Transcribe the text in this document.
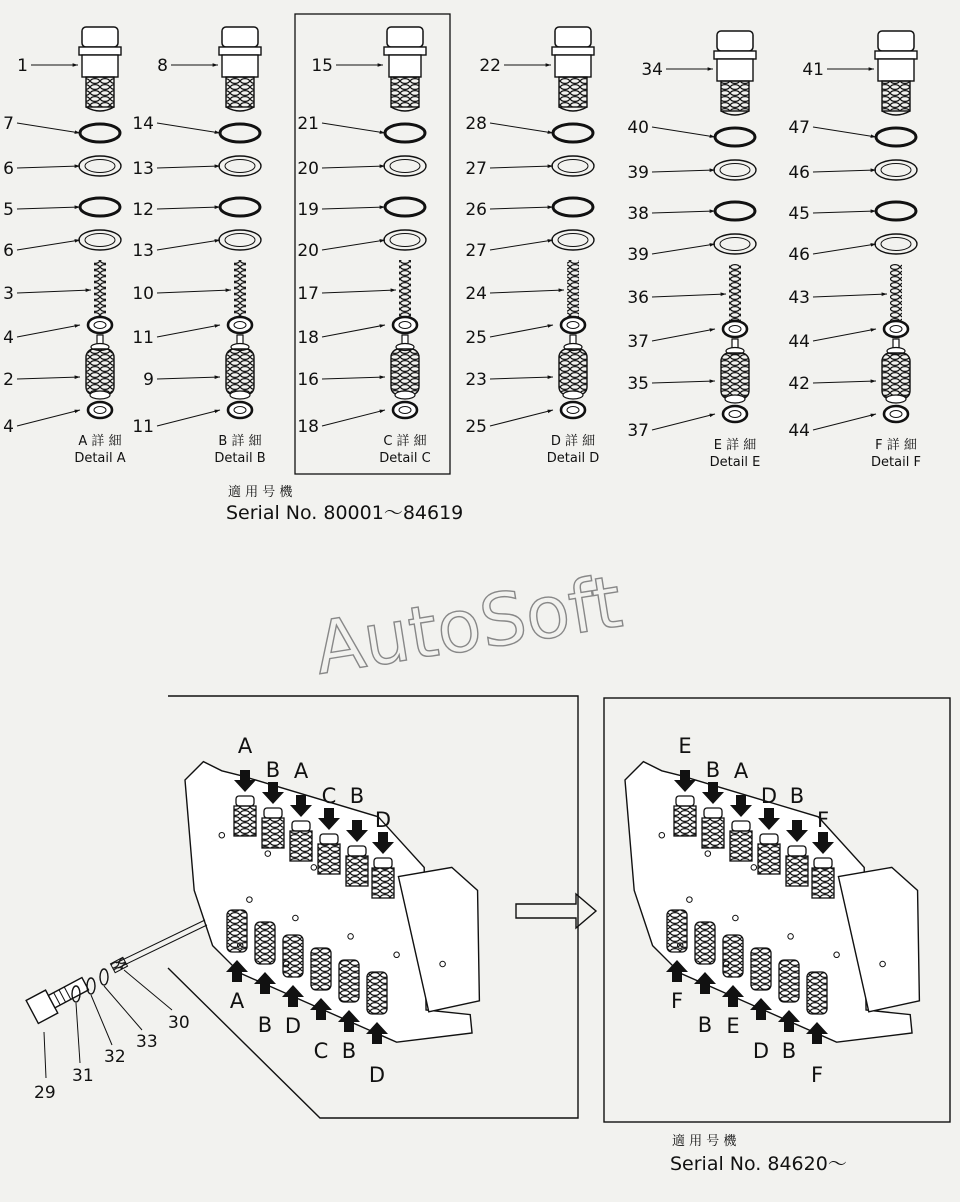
1
7
6
5
6
3
4
2
4
A 詳 細
Detail A
8
14
13
12
13
10
11
9
11
B 詳 細
Detail B
15
21
20
19
20
17
18
16
18
C 詳 細
Detail C
22
28
27
26
27
24
25
23
25
D 詳 細
Detail D
34
40
39
38
39
36
37
35
37
E 詳 細
Detail E
41
47
46
45
46
43
44
42
44
F 詳 細
Detail F
適 用 号 機
Serial No. 80001～84619
AutoSoft
A
B A
C B
D
A
B D
C B
D
E
B A
D B
F
F
B E
D B
F
29
31
32
33
30
適 用 号 機
Serial No. 84620～
